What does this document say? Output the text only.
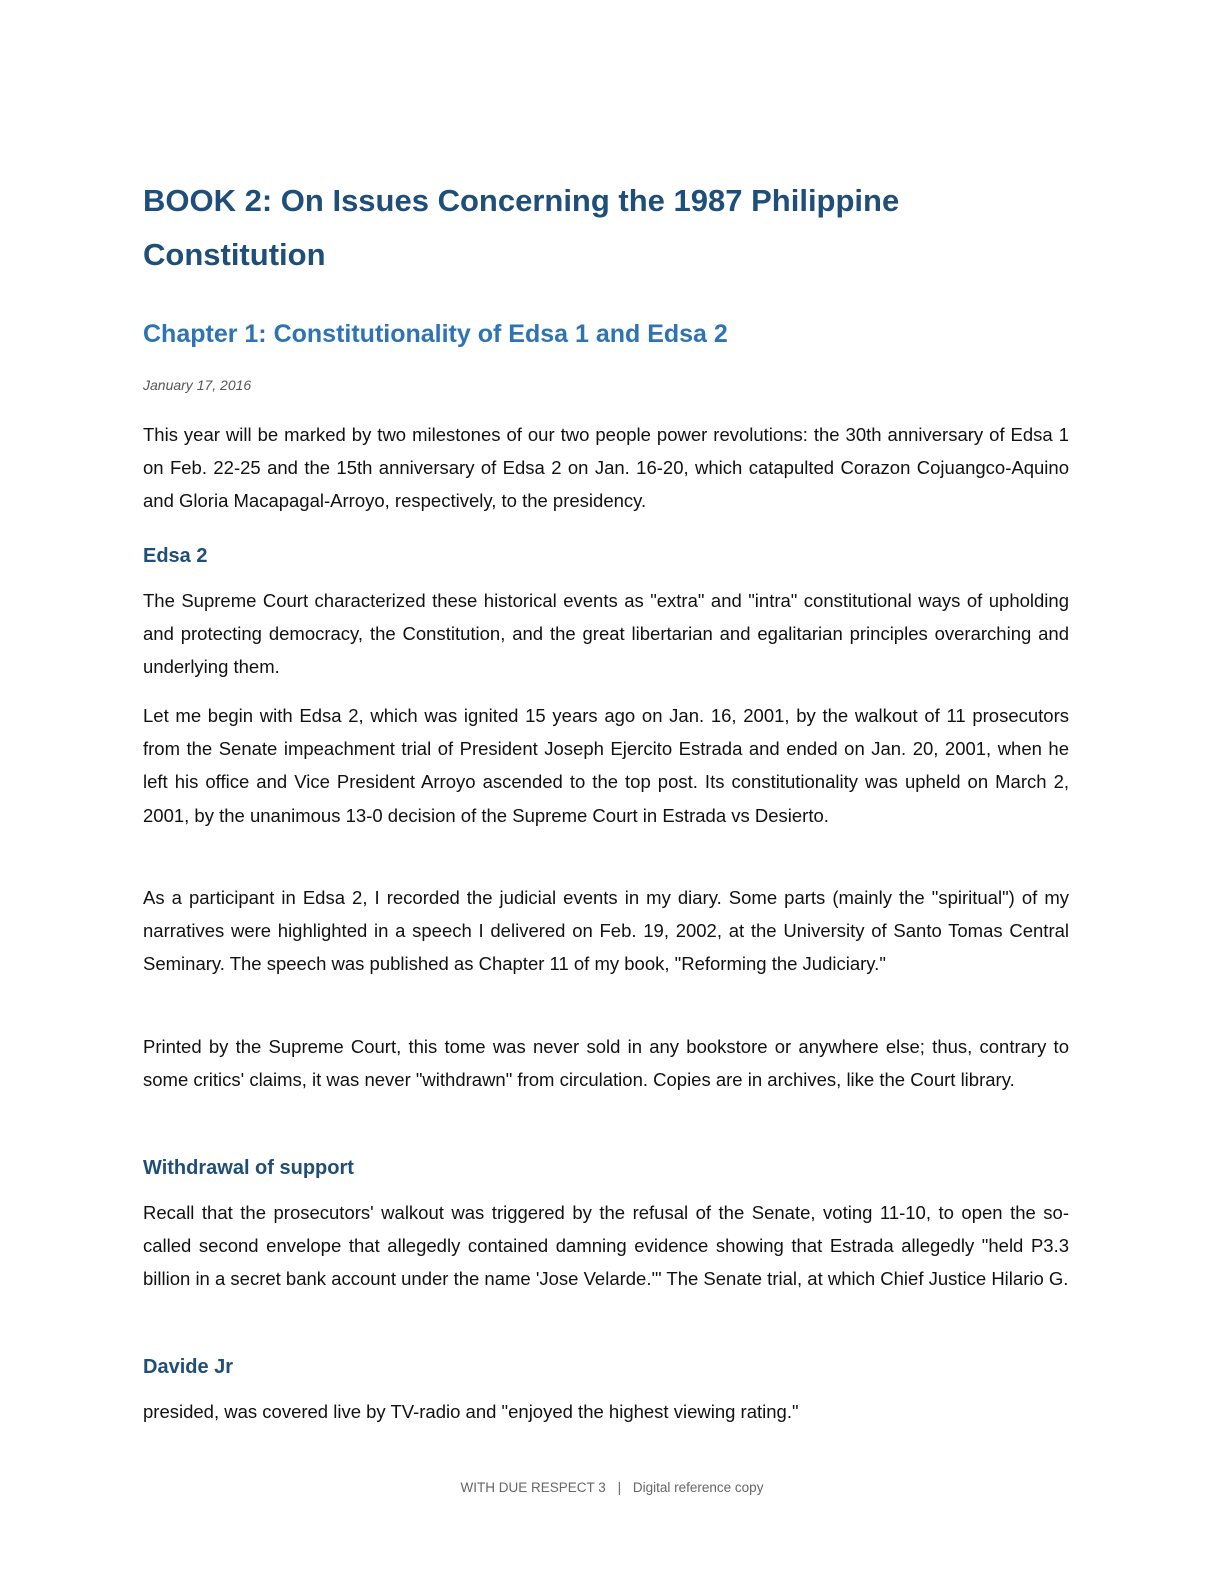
BOOK 2: On Issues Concerning the 1987 Philippine Constitution
Chapter 1: Constitutionality of Edsa 1 and Edsa 2

January 17, 2016

This year will be marked by two milestones of our two people power revolutions: the 30th anniversary of Edsa 1 on Feb. 22-25 and the 15th anniversary of Edsa 2 on Jan. 16-20, which catapulted Corazon Cojuangco-Aquino and Gloria Macapagal-Arroyo, respectively, to the presidency.

Edsa 2

The Supreme Court characterized these historical events as "extra" and "intra" constitutional ways of upholding and protecting democracy, the Constitution, and the great libertarian and egalitarian principles overarching and underlying them.

Let me begin with Edsa 2, which was ignited 15 years ago on Jan. 16, 2001, by the walkout of 11 prosecutors from the Senate impeachment trial of President Joseph Ejercito Estrada and ended on Jan. 20, 2001, when he left his office and Vice President Arroyo ascended to the top post. Its constitutionality was upheld on March 2, 2001, by the unanimous 13-0 decision of the Supreme Court in Estrada vs Desierto.

As a participant in Edsa 2, I recorded the judicial events in my diary. Some parts (mainly the "spiritual") of my narratives were highlighted in a speech I delivered on Feb. 19, 2002, at the University of Santo Tomas Central Seminary. The speech was published as Chapter 11 of my book, "Reforming the Judiciary."

Printed by the Supreme Court, this tome was never sold in any bookstore or anywhere else; thus, contrary to some critics' claims, it was never "withdrawn" from circulation. Copies are in archives, like the Court library.

Withdrawal of support

Recall that the prosecutors' walkout was triggered by the refusal of the Senate, voting 11-10, to open the so-called second envelope that allegedly contained damning evidence showing that Estrada allegedly "held P3.3 billion in a secret bank account under the name 'Jose Velarde.'" The Senate trial, at which Chief Justice Hilario G.

Davide Jr

presided, was covered live by TV-radio and "enjoyed the highest viewing rating."

WITH DUE RESPECT 3 | Digital reference copy
